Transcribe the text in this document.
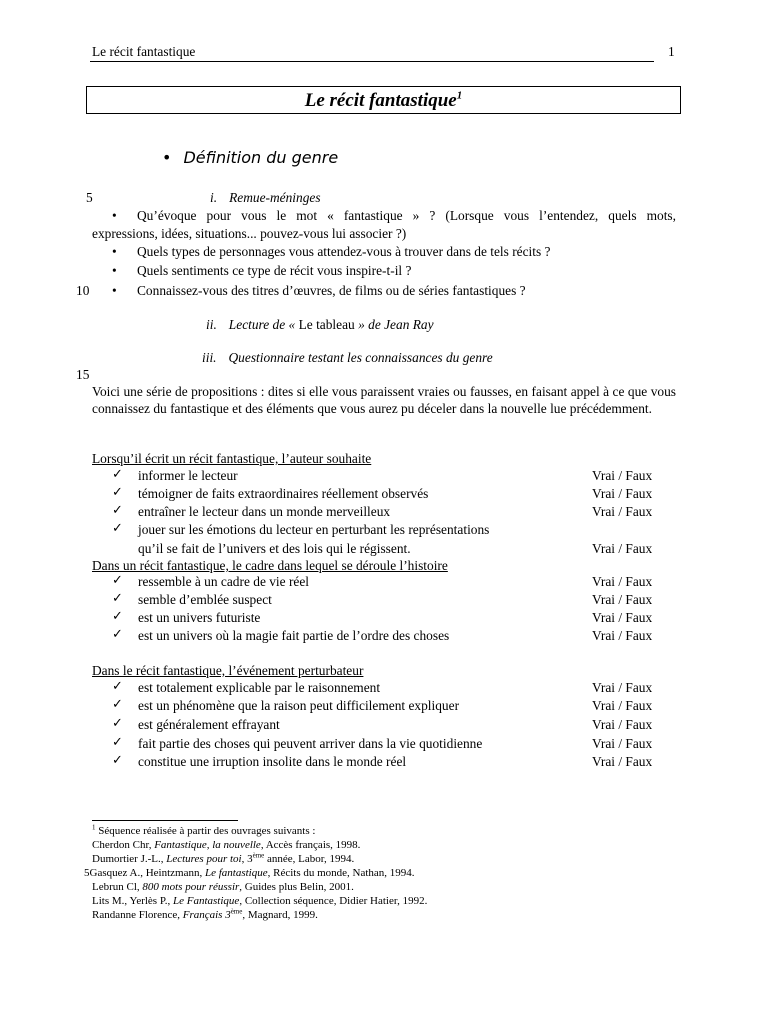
Le récit fantastique	1
Le récit fantastique$^1$
• Définition du genre
5
10
15
i. Remue-méninges
• Qu’évoque pour vous le mot « fantastique » ? (Lorsque vous l’entendez, quels mots,
expressions, idées, situations... pouvez-vous lui associer ?)
• Quels types de personnages vous attendez-vous à trouver dans de tels récits ?
• Quels sentiments ce type de récit vous inspire-t-il ?
• Connaissez-vous des titres d’œuvres, de films ou de séries fantastiques ?
ii. Lecture de « Le tableau » de Jean Ray
iii. Questionnaire testant les connaissances du genre
Voici une série de propositions : dites si elle vous paraissent vraies ou fausses, en faisant appel à ce que vous connaissez du fantastique et des éléments que vous aurez pu déceler dans la nouvelle lue précédemment.
Lorsqu’il écrit un récit fantastique, l’auteur souhaite
✓ informer le lecteur	Vrai / Faux
✓ témoigner de faits extraordinaires réellement observés	Vrai / Faux
✓ entraîner le lecteur dans un monde merveilleux	Vrai / Faux
✓ jouer sur les émotions du lecteur en perturbant les représentations
qu’il se fait de l’univers et des lois qui le régissent.	Vrai / Faux
Dans un récit fantastique, le cadre dans lequel se déroule l’histoire
✓ ressemble à un cadre de vie réel	Vrai / Faux
✓ semble d’emblée suspect	Vrai / Faux
✓ est un univers futuriste	Vrai / Faux
✓ est un univers où la magie fait partie de l’ordre des choses	Vrai / Faux
Dans le récit fantastique, l’événement perturbateur
✓ est totalement explicable par le raisonnement	Vrai / Faux
✓ est un phénomène que la raison peut difficilement expliquer	Vrai / Faux
✓ est généralement effrayant	Vrai / Faux
✓ fait partie des choses qui peuvent arriver dans la vie quotidienne	Vrai / Faux
✓ constitue une irruption insolite dans le monde réel	Vrai / Faux
$^1$ Séquence réalisée à partir des ouvrages suivants :
Cherdon Chr, Fantastique, la nouvelle, Accès français, 1998.
Dumortier J.-L., Lectures pour toi, 3ème année, Labor, 1994.
5Gasquez A., Heintzmann, Le fantastique, Récits du monde, Nathan, 1994.
Lebrun Cl, 800 mots pour réussir, Guides plus Belin, 2001.
Lits M., Yerlès P., Le Fantastique, Collection séquence, Didier Hatier, 1992.
Randanne Florence, Français 3ème, Magnard, 1999.
